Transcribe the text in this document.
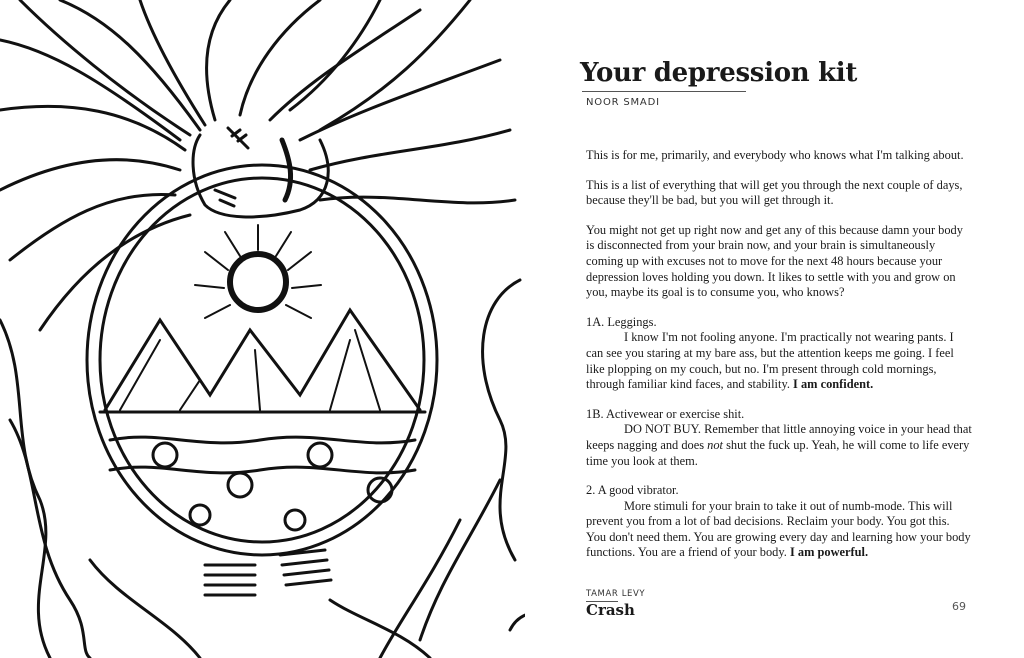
Your depression kit
NOOR SMADI

This is for me, primarily, and everybody who knows what I'm talking about.

This is a list of everything that will get you through the next couple of days, because they'll be bad, but you will get through it.

You might not get up right now and get any of this because damn your body is disconnected from your brain now, and your brain is simultaneously coming up with excuses not to move for the next 48 hours because your depression loves holding you down. It likes to settle with you and grow on you, maybe its goal is to consume you, who knows?

1A. Leggings.
I know I'm not fooling anyone. I'm practically not wearing pants. I can see you staring at my bare ass, but the attention keeps me going. I feel like plopping on my couch, but no. I'm present through cold mornings, through familiar kind faces, and stability. I am confident.
1B. Activewear or exercise shit.
DO NOT BUY. Remember that little annoying voice in your head that keeps nagging and does not shut the fuck up. Yeah, he will come to life every time you look at them.
2. A good vibrator.
More stimuli for your brain to take it out of numb-mode. This will prevent you from a lot of bad decisions. Reclaim your body. You got this. You don't need them. You are growing every day and learning how your body functions. You are a friend of your body. I am powerful.
TAMAR LEVY
Crash	69
